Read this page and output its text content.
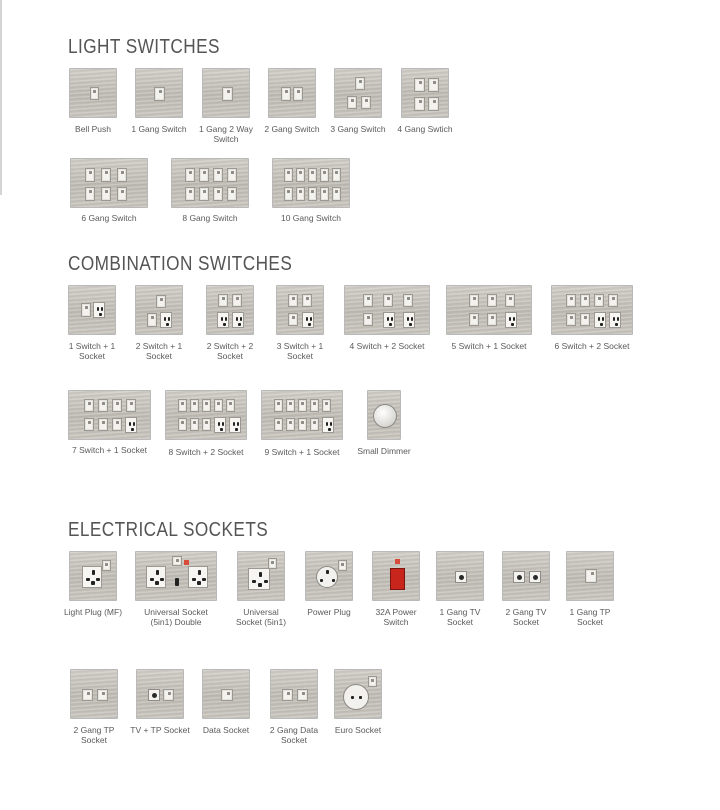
LIGHT SWITCHES
COMBINATION SWITCHES
ELECTRICAL SOCKETS
Bell Push	1 Gang Switch 1 Gang 2 Way Switch
2 Gang Switch 3 Gang Switch 4 Gang Swtich
6 Gang Switch	8 Gang Switch	10 Gang Switch
1 Switch + 1 Socket
2 Switch + 1 Socket
2 Switch + 2 Socket
3 Switch + 1 Socket
4 Switch + 2 Socket	5 Switch + 1 Socket	6 Switch + 2 Socket
7 Switch + 1 Socket	8 Switch + 2 Socket	9 Switch + 1 Socket	Small Dimmer
Light Plug (MF)	Universal Socket (5in1) Double
Universal Socket (5in1)
Power Plug	32A Power Switch
1 Gang TV Socket
2 Gang TV Socket
1 Gang TP Socket
2 Gang TP Socket
TV + TP Socket	Data Socket	2 Gang Data Socket
Euro Socket
